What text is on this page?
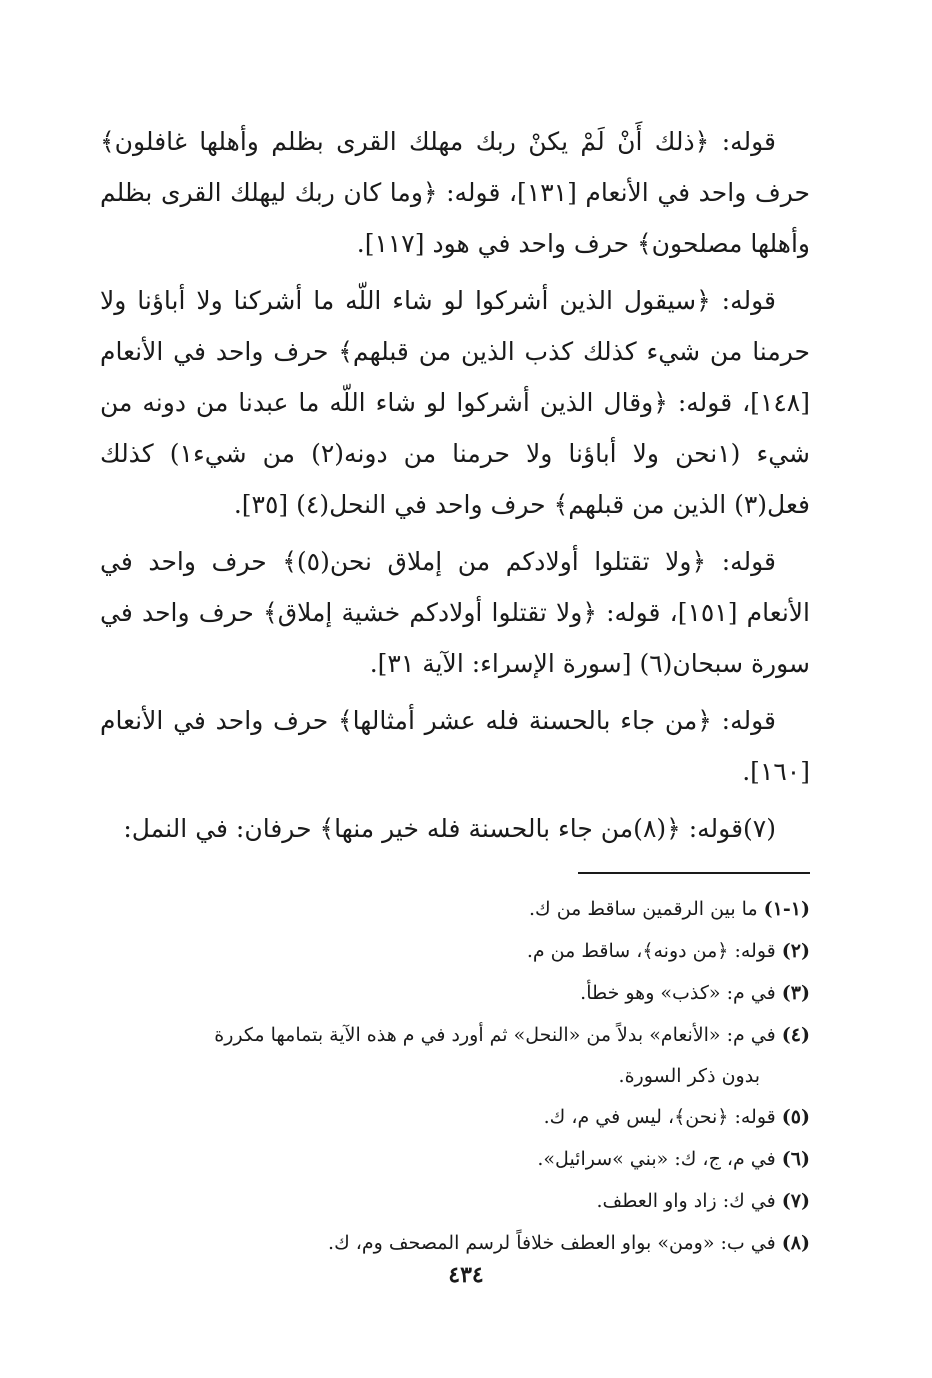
قوله: ﴿ذلك أَنْ لَمْ يكنْ ربك مهلك القرى بظلم وأهلها غافلون﴾ حرف واحد في الأنعام [١٣١]، قوله: ﴿وما كان ربك ليهلك القرى بظلم وأهلها مصلحون﴾ حرف واحد في هود [١١٧].

قوله: ﴿سيقول الذين أشركوا لو شاء اللّه ما أشركنا ولا أباؤنا ولا حرمنا من شيء كذلك كذب الذين من قبلهم﴾ حرف واحد في الأنعام [١٤٨]، قوله: ﴿وقال الذين أشركوا لو شاء اللّه ما عبدنا من دونه من شيء (١نحن ولا أباؤنا ولا حرمنا من دونه(٢) من شيء١) كذلك فعل(٣) الذين من قبلهم﴾ حرف واحد في النحل(٤) [٣٥].

قوله: ﴿ولا تقتلوا أولادكم من إملاق نحن(٥)﴾ حرف واحد في الأنعام [١٥١]، قوله: ﴿ولا تقتلوا أولادكم خشية إملاق﴾ حرف واحد في سورة سبحان(٦) [سورة الإسراء: الآية ٣١].

قوله: ﴿من جاء بالحسنة فله عشر أمثالها﴾ حرف واحد في الأنعام [١٦٠].

(٧)قوله: ﴿(٨)من جاء بالحسنة فله خير منها﴾ حرفان: في النمل:

(١-١) ما بين الرقمين ساقط من ك.

(٢) قوله: ﴿من دونه﴾، ساقط من م.

(٣) في م: «كذب» وهو خطأ.

(٤) في م: «الأنعام» بدلاً من «النحل» ثم أورد في م هذه الآية بتمامها مكررة

بدون ذكر السورة.

(٥) قوله: ﴿نحن﴾، ليس في م، ك.

(٦) في م، ج، ك: «بني »سرائيل».

(٧) في ك: زاد واو العطف.

(٨) في ب: «ومن» بواو العطف خلافاً لرسم المصحف وم، ك.

٤٣٤
